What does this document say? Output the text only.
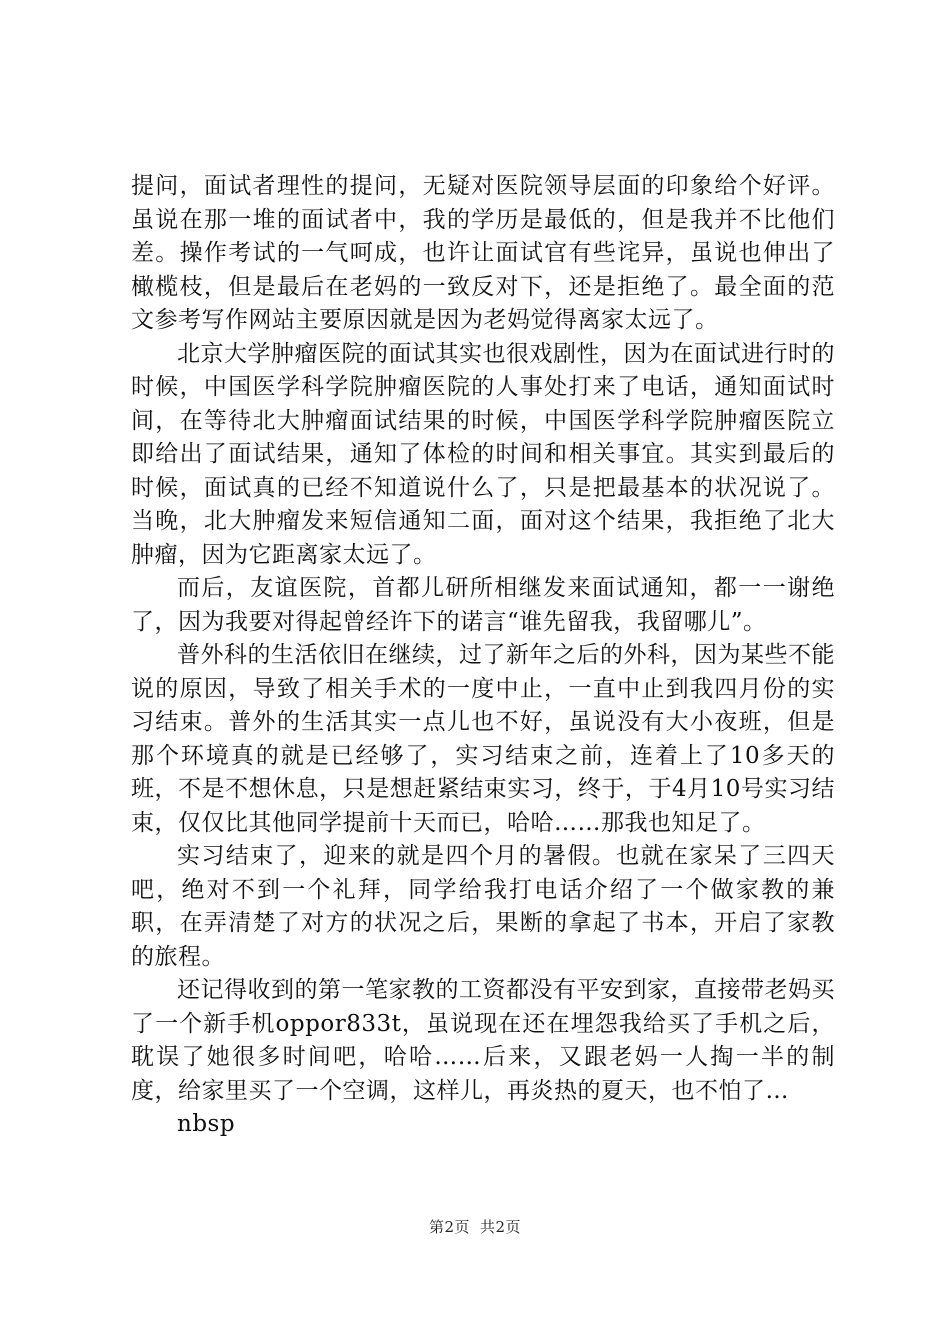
提问，面试者理性的提问，无疑对医院领导层面的印象给个好评。虽说在那一堆的面试者中，我的学历是最低的，但是我并不比他们差。操作考试的一气呵成，也许让面试官有些诧异，虽说也伸出了橄榄枝，但是最后在老妈的一致反对下，还是拒绝了。最全面的范文参考写作网站主要原因就是因为老妈觉得离家太远了。

北京大学肿瘤医院的面试其实也很戏剧性，因为在面试进行时的时候，中国医学科学院肿瘤医院的人事处打来了电话，通知面试时间，在等待北大肿瘤面试结果的时候，中国医学科学院肿瘤医院立即给出了面试结果，通知了体检的时间和相关事宜。其实到最后的时候，面试真的已经不知道说什么了，只是把最基本的状况说了。当晚，北大肿瘤发来短信通知二面，面对这个结果，我拒绝了北大肿瘤，因为它距离家太远了。

而后，友谊医院，首都儿研所相继发来面试通知，都一一谢绝了，因为我要对得起曾经许下的诺言“谁先留我，我留哪儿”。

普外科的生活依旧在继续，过了新年之后的外科，因为某些不能说的原因，导致了相关手术的一度中止，一直中止到我四月份的实习结束。普外的生活其实一点儿也不好，虽说没有大小夜班，但是那个环境真的就是已经够了，实习结束之前，连着上了10多天的班，不是不想休息，只是想赶紧结束实习，终于，于4月10号实习结束，仅仅比其他同学提前十天而已，哈哈……那我也知足了。

实习结束了，迎来的就是四个月的暑假。也就在家呆了三四天吧，绝对不到一个礼拜，同学给我打电话介绍了一个做家教的兼职，在弄清楚了对方的状况之后，果断的拿起了书本，开启了家教的旅程。

还记得收到的第一笔家教的工资都没有平安到家，直接带老妈买了一个新手机oppor833t，虽说现在还在埋怨我给买了手机之后，耽误了她很多时间吧，哈哈……后来，又跟老妈一人掏一半的制度，给家里买了一个空调，这样儿，再炎热的夏天，也不怕了…

nbsp

第2页 共2页
